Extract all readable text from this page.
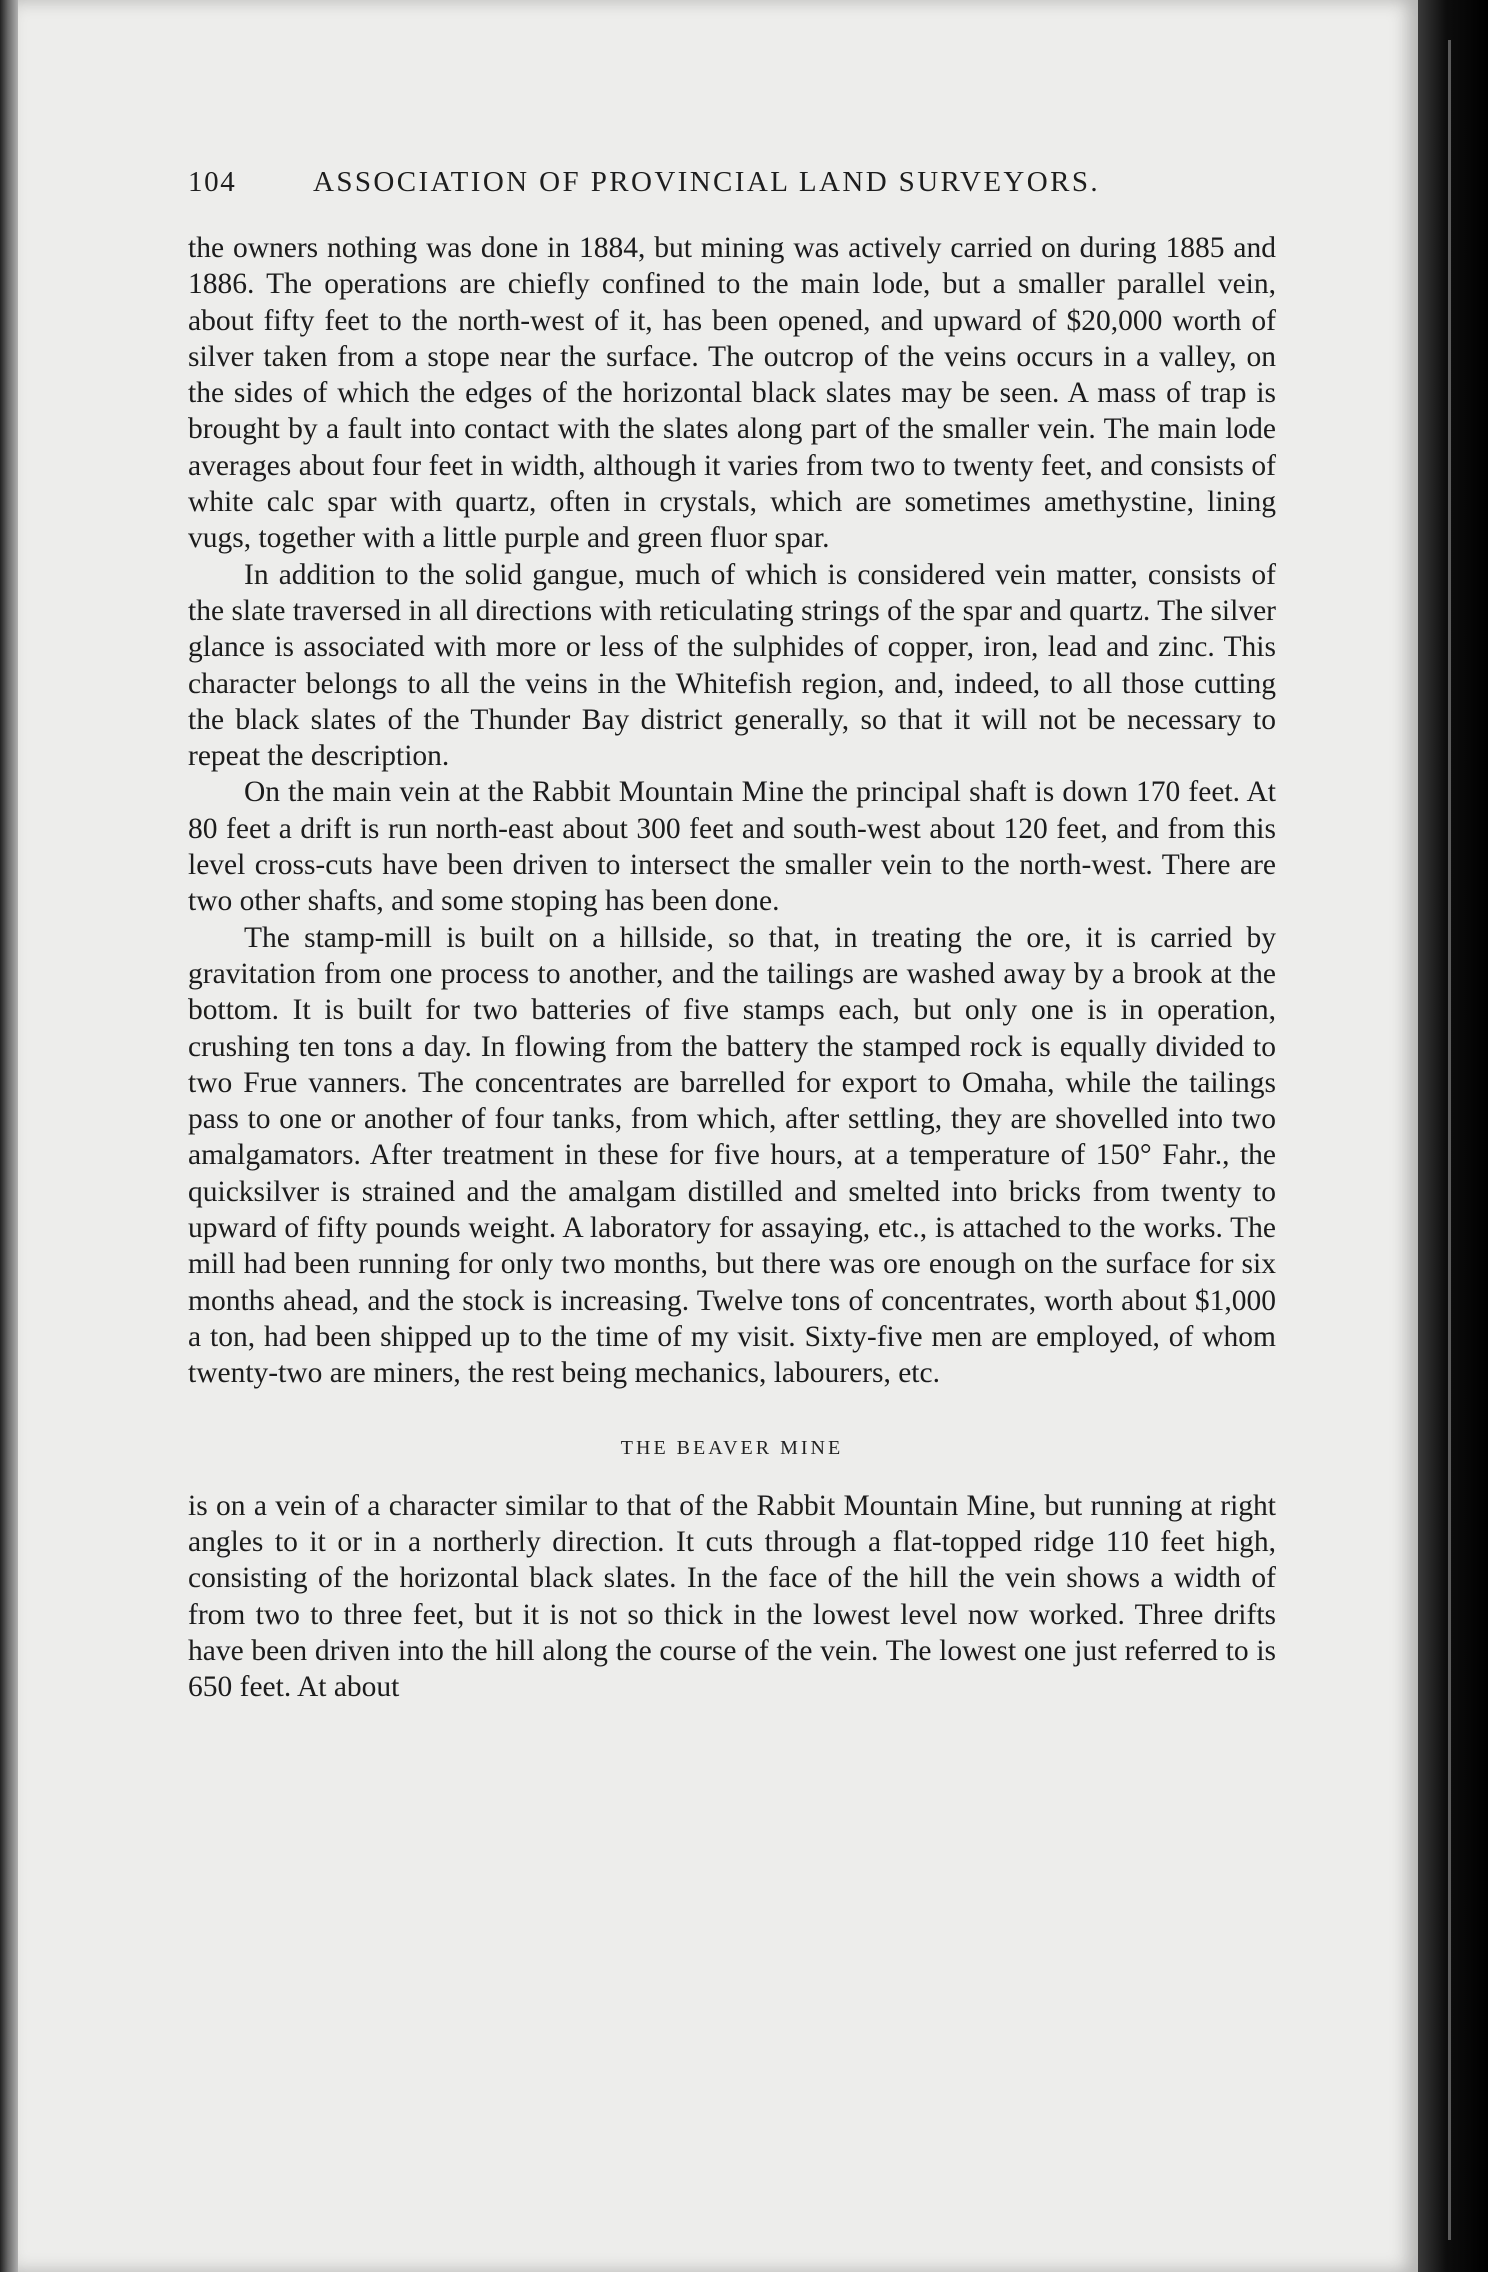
104	ASSOCIATION OF PROVINCIAL LAND SURVEYORS.

the owners nothing was done in 1884, but mining was actively carried on during 1885 and 1886. The operations are chiefly confined to the main lode, but a smaller parallel vein, about fifty feet to the north-west of it, has been opened, and upward of $20,000 worth of silver taken from a stope near the surface. The outcrop of the veins occurs in a valley, on the sides of which the edges of the horizontal black slates may be seen. A mass of trap is brought by a fault into contact with the slates along part of the smaller vein. The main lode averages about four feet in width, although it varies from two to twenty feet, and consists of white calc spar with quartz, often in crystals, which are sometimes amethystine, lining vugs, together with a little purple and green fluor spar.

In addition to the solid gangue, much of which is considered vein matter, consists of the slate traversed in all directions with reticulating strings of the spar and quartz. The silver glance is associated with more or less of the sulphides of copper, iron, lead and zinc. This character belongs to all the veins in the Whitefish region, and, indeed, to all those cutting the black slates of the Thunder Bay district generally, so that it will not be necessary to repeat the description.

On the main vein at the Rabbit Mountain Mine the principal shaft is down 170 feet. At 80 feet a drift is run north-east about 300 feet and south-west about 120 feet, and from this level cross-cuts have been driven to intersect the smaller vein to the north-west. There are two other shafts, and some stoping has been done.

The stamp-mill is built on a hillside, so that, in treating the ore, it is carried by gravitation from one process to another, and the tailings are washed away by a brook at the bottom. It is built for two batteries of five stamps each, but only one is in operation, crushing ten tons a day. In flowing from the battery the stamped rock is equally divided to two Frue vanners. The concentrates are barrelled for export to Omaha, while the tailings pass to one or another of four tanks, from which, after settling, they are shovelled into two amalgamators. After treatment in these for five hours, at a temperature of 150° Fahr., the quicksilver is strained and the amalgam distilled and smelted into bricks from twenty to upward of fifty pounds weight. A laboratory for assaying, etc., is attached to the works. The mill had been running for only two months, but there was ore enough on the surface for six months ahead, and the stock is increasing. Twelve tons of concentrates, worth about $1,000 a ton, had been shipped up to the time of my visit. Sixty-five men are employed, of whom twenty-two are miners, the rest being mechanics, labourers, etc.

THE BEAVER MINE

is on a vein of a character similar to that of the Rabbit Mountain Mine, but running at right angles to it or in a northerly direction. It cuts through a flat-topped ridge 110 feet high, consisting of the horizontal black slates. In the face of the hill the vein shows a width of from two to three feet, but it is not so thick in the lowest level now worked. Three drifts have been driven into the hill along the course of the vein. The lowest one just referred to is 650 feet. At about
